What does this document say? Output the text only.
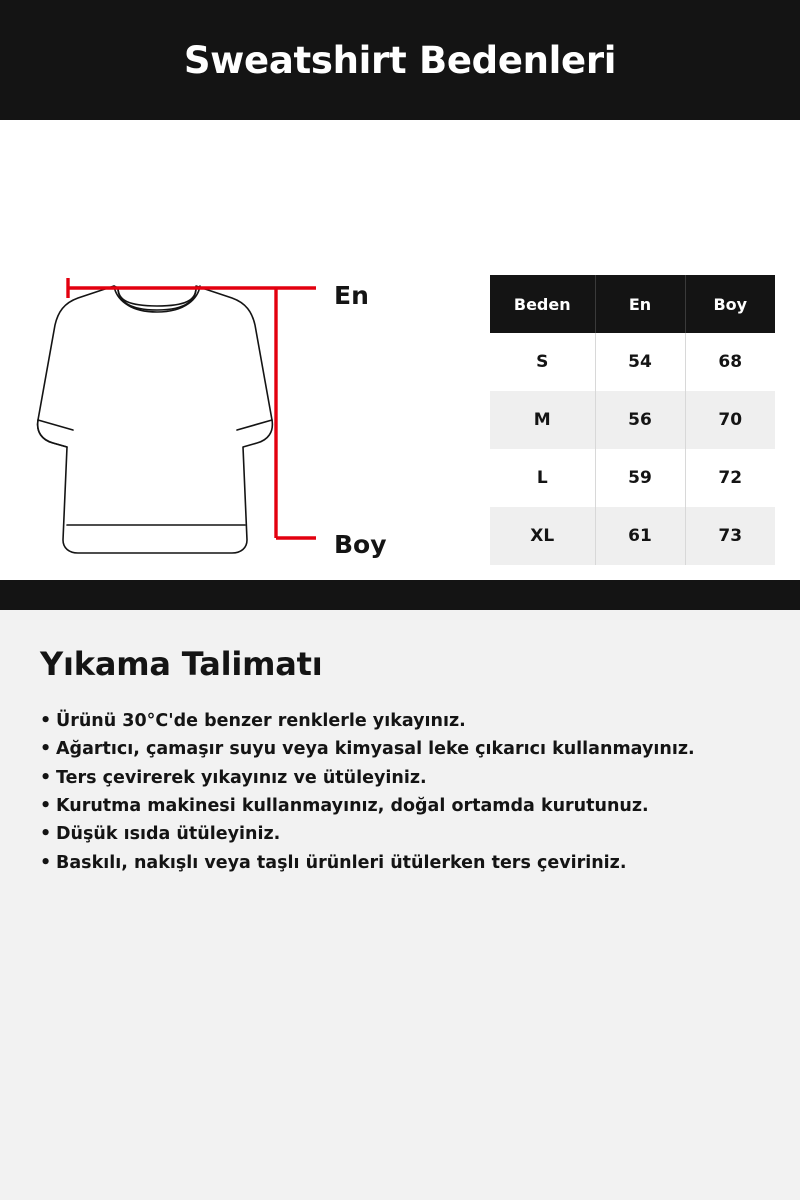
Sweatshirt Bedenleri
En
Boy
Beden	En	Boy
S	54	68
M	56	70
L	59	72
XL	61	73
Yıkama Talimatı
• Ürünü 30°C'de benzer renklerle yıkayınız.
• Ağartıcı, çamaşır suyu veya kimyasal leke çıkarıcı kullanmayınız.
• Ters çevirerek yıkayınız ve ütüleyiniz.
• Kurutma makinesi kullanmayınız, doğal ortamda kurutunuz.
• Düşük ısıda ütüleyiniz.
• Baskılı, nakışlı veya taşlı ürünleri ütülerken ters çeviriniz.
